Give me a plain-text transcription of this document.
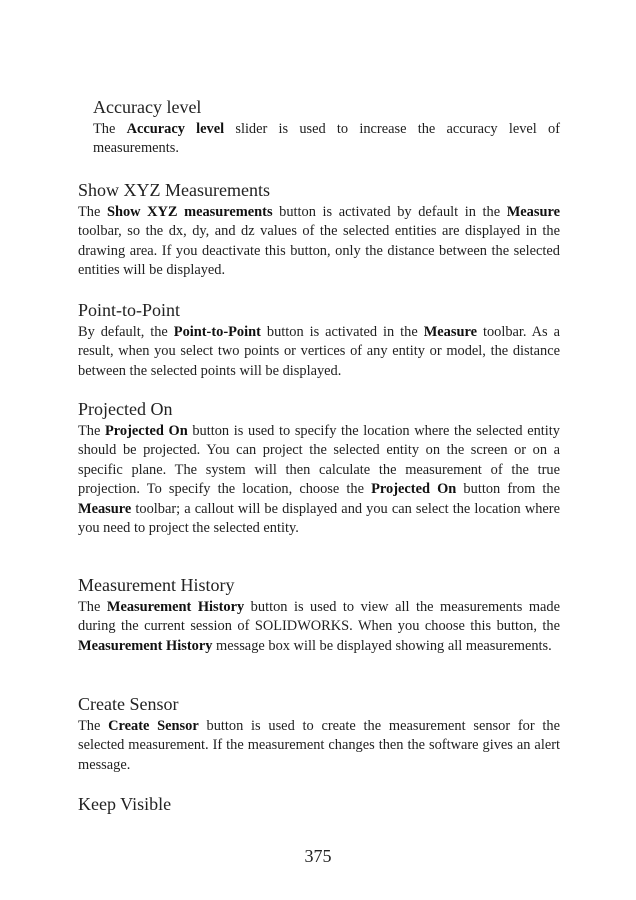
Accuracy level

The Accuracy level slider is used to increase the accuracy level of measurements.

Show XYZ Measurements

The Show XYZ measurements button is activated by default in the Measure toolbar, so the dx, dy, and dz values of the selected entities are displayed in the drawing area. If you deactivate this button, only the distance between the selected entities will be displayed.

Point-to-Point

By default, the Point-to-Point button is activated in the Measure toolbar. As a result, when you select two points or vertices of any entity or model, the distance between the selected points will be displayed.

Projected On

The Projected On button is used to specify the location where the selected entity should be projected. You can project the selected entity on the screen or on a specific plane. The system will then calculate the measurement of the true projection. To specify the location, choose the Projected On button from the Measure toolbar; a callout will be displayed and you can select the location where you need to project the selected entity.

Measurement History

The Measurement History button is used to view all the measurements made during the current session of SOLIDWORKS. When you choose this button, the Measurement History message box will be displayed showing all measurements.

Create Sensor

The Create Sensor button is used to create the measurement sensor for the selected measurement. If the measurement changes then the software gives an alert message.

Keep Visible
375
